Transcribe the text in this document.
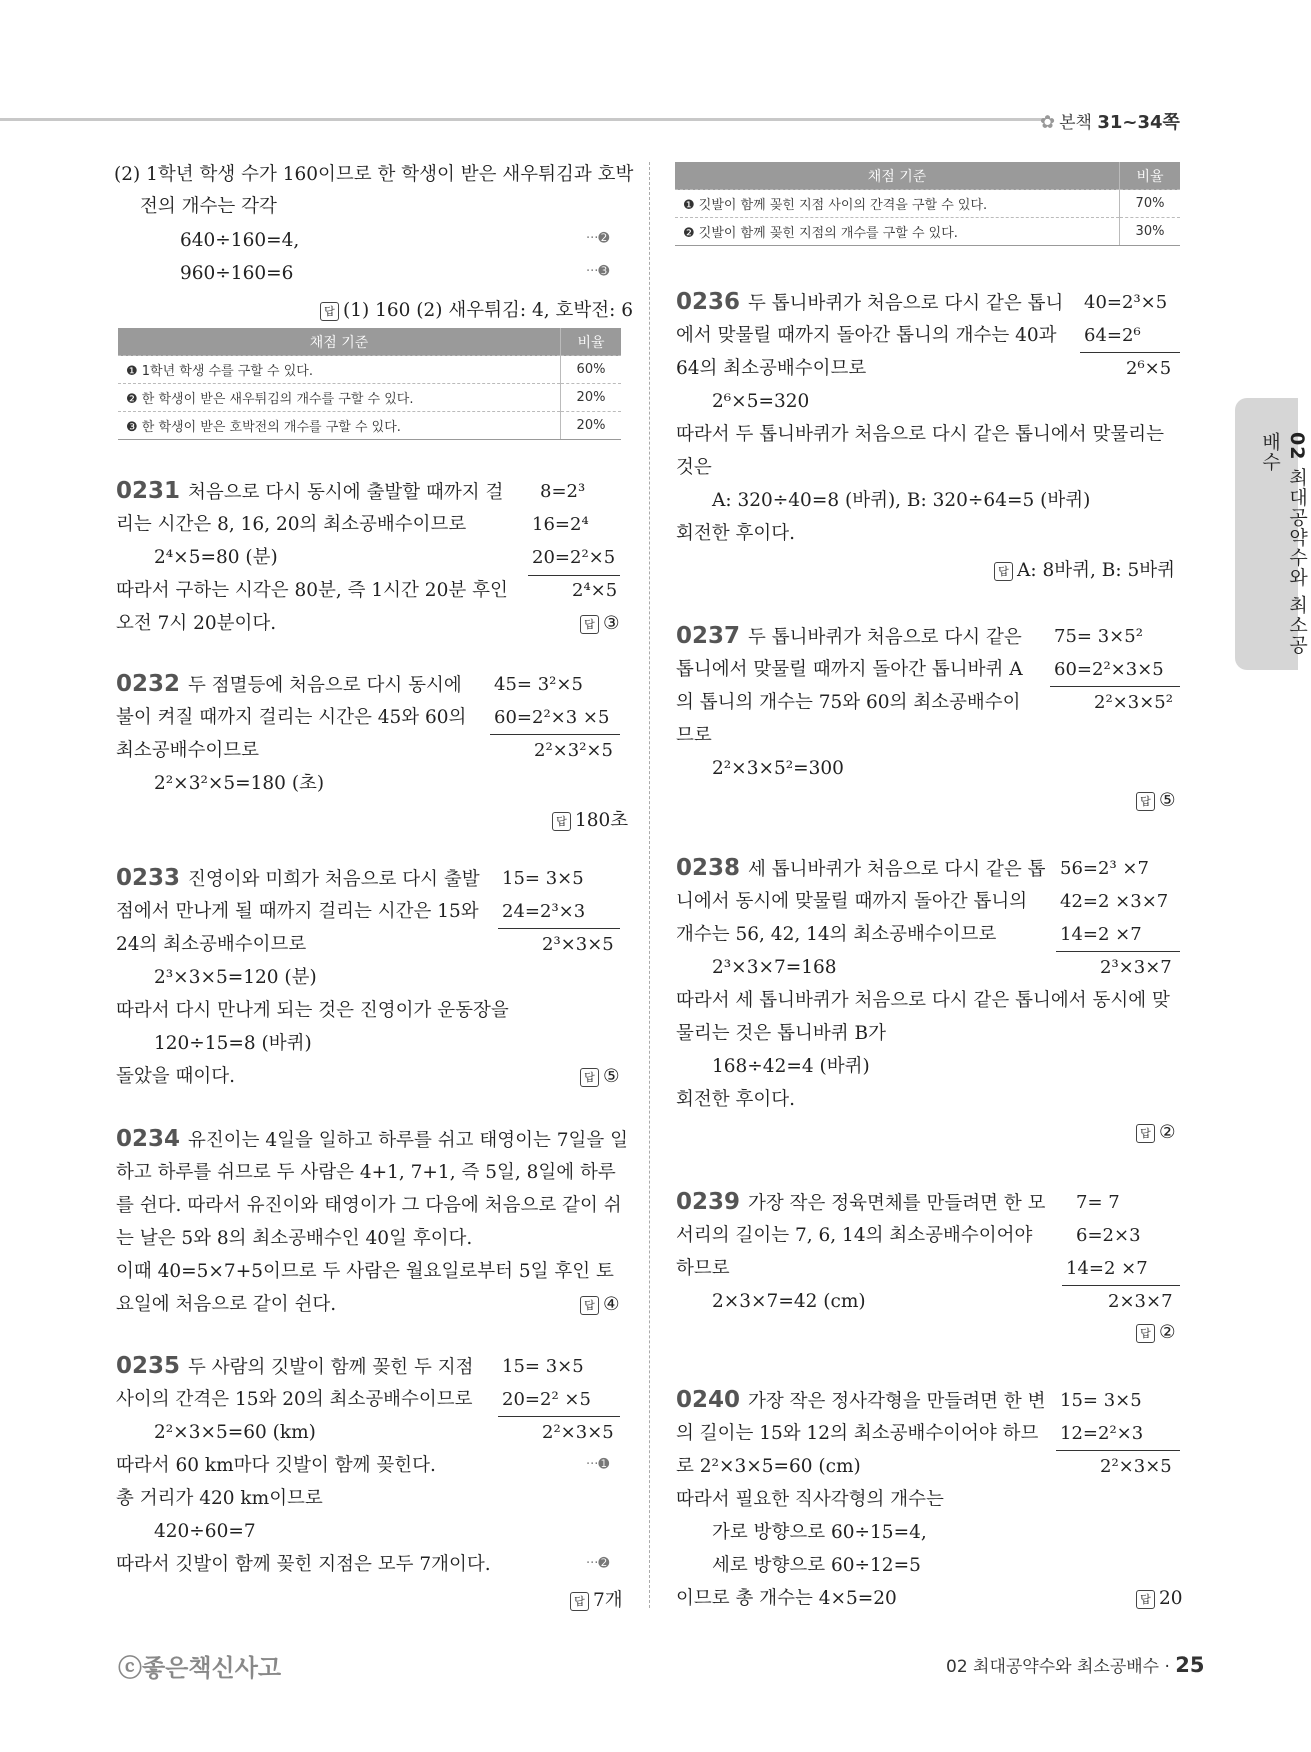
✿ 본책 31~34쪽
02 최대공약수와 최소공배수
(2) 1학년 학생 수가 160이므로 한 학생이 받은 새우튀김과 호박
전의 개수는 각각
640÷160=4,
960÷160=6
···➋
···➌
답(1) 160 (2) 새우튀김: 4, 호박전: 6
채점 기준	비율
❶ 1학년 학생 수를 구할 수 있다.	60%
❷ 한 학생이 받은 새우튀김의 개수를 구할 수 있다.	20%
❸ 한 학생이 받은 호박전의 개수를 구할 수 있다.	20%
0231 처음으로 다시 동시에 출발할 때까지 걸
리는 시간은 8, 16, 20의 최소공배수이므로
2⁴×5=80 (분)
따라서 구하는 시각은 80분, 즉 1시간 20분 후인
오전 7시 20분이다.
8=2³
16=2⁴
20=2²×5
2⁴×5
답③
0232 두 점멸등에 처음으로 다시 동시에
불이 켜질 때까지 걸리는 시간은 45와 60의
최소공배수이므로
2²×3²×5=180 (초)
45= 3²×5
60=2²×3 ×5
2²×3²×5
답180초
0233 진영이와 미희가 처음으로 다시 출발
점에서 만나게 될 때까지 걸리는 시간은 15와
24의 최소공배수이므로
2³×3×5=120 (분)
따라서 다시 만나게 되는 것은 진영이가 운동장을
120÷15=8 (바퀴)
돌았을 때이다.
15= 3×5
24=2³×3
2³×3×5
답⑤
0234 유진이는 4일을 일하고 하루를 쉬고 태영이는 7일을 일
하고 하루를 쉬므로 두 사람은 4+1, 7+1, 즉 5일, 8일에 하루
를 쉰다. 따라서 유진이와 태영이가 그 다음에 처음으로 같이 쉬
는 날은 5와 8의 최소공배수인 40일 후이다.
이때 40=5×7+5이므로 두 사람은 월요일로부터 5일 후인 토
요일에 처음으로 같이 쉰다. 답	④
0235 두 사람의 깃발이 함께 꽂힌 두 지점
사이의 간격은 15와 20의 최소공배수이므로
2²×3×5=60 (km)
따라서 60 km마다 깃발이 함께 꽂힌다.
총 거리가 420 km이므로
420÷60=7
따라서 깃발이 함께 꽂힌 지점은 모두 7개이다.
15= 3×5
20=2² ×5
2²×3×5
···➊
···➋
답7개
채점 기준	비율
❶ 깃발이 함께 꽂힌 지점 사이의 간격을 구할 수 있다.	70%
❷ 깃발이 함께 꽂힌 지점의 개수를 구할 수 있다.	30%
0236 두 톱니바퀴가 처음으로 다시 같은 톱니
에서 맞물릴 때까지 돌아간 톱니의 개수는 40과
64의 최소공배수이므로
2⁶×5=320
따라서 두 톱니바퀴가 처음으로 다시 같은 톱니에서 맞물리는
것은
A: 320÷40=8 (바퀴), B: 320÷64=5 (바퀴)
회전한 후이다.
40=2³×5
64=2⁶
2⁶×5
답A: 8바퀴, B: 5바퀴
0237 두 톱니바퀴가 처음으로 다시 같은
톱니에서 맞물릴 때까지 돌아간 톱니바퀴 A
의 톱니의 개수는 75와 60의 최소공배수이
므로
2²×3×5²=300
75= 3×5²
60=2²×3×5
2²×3×5²
답⑤
0238 세 톱니바퀴가 처음으로 다시 같은 톱
니에서 동시에 맞물릴 때까지 돌아간 톱니의
개수는 56, 42, 14의 최소공배수이므로
2³×3×7=168
따라서 세 톱니바퀴가 처음으로 다시 같은 톱니에서 동시에 맞
물리는 것은 톱니바퀴 B가
168÷42=4 (바퀴)
회전한 후이다.
56=2³ ×7
42=2 ×3×7
14=2 ×7
2³×3×7
답②
0239 가장 작은 정육면체를 만들려면 한 모
서리의 길이는 7, 6, 14의 최소공배수이어야
하므로
2×3×7=42 (cm)
7= 7
6=2×3
14=2 ×7
2×3×7
답②
0240 가장 작은 정사각형을 만들려면 한 변
의 길이는 15와 12의 최소공배수이어야 하므
로 2²×3×5=60 (cm)
따라서 필요한 직사각형의 개수는
가로 방향으로 60÷15=4,
세로 방향으로 60÷12=5
이므로 총 개수는 4×5=20
15= 3×5
12=2²×3
2²×3×5
답20
ⓒ좋은책신사고	02 최대공약수와 최소공배수 · 25
